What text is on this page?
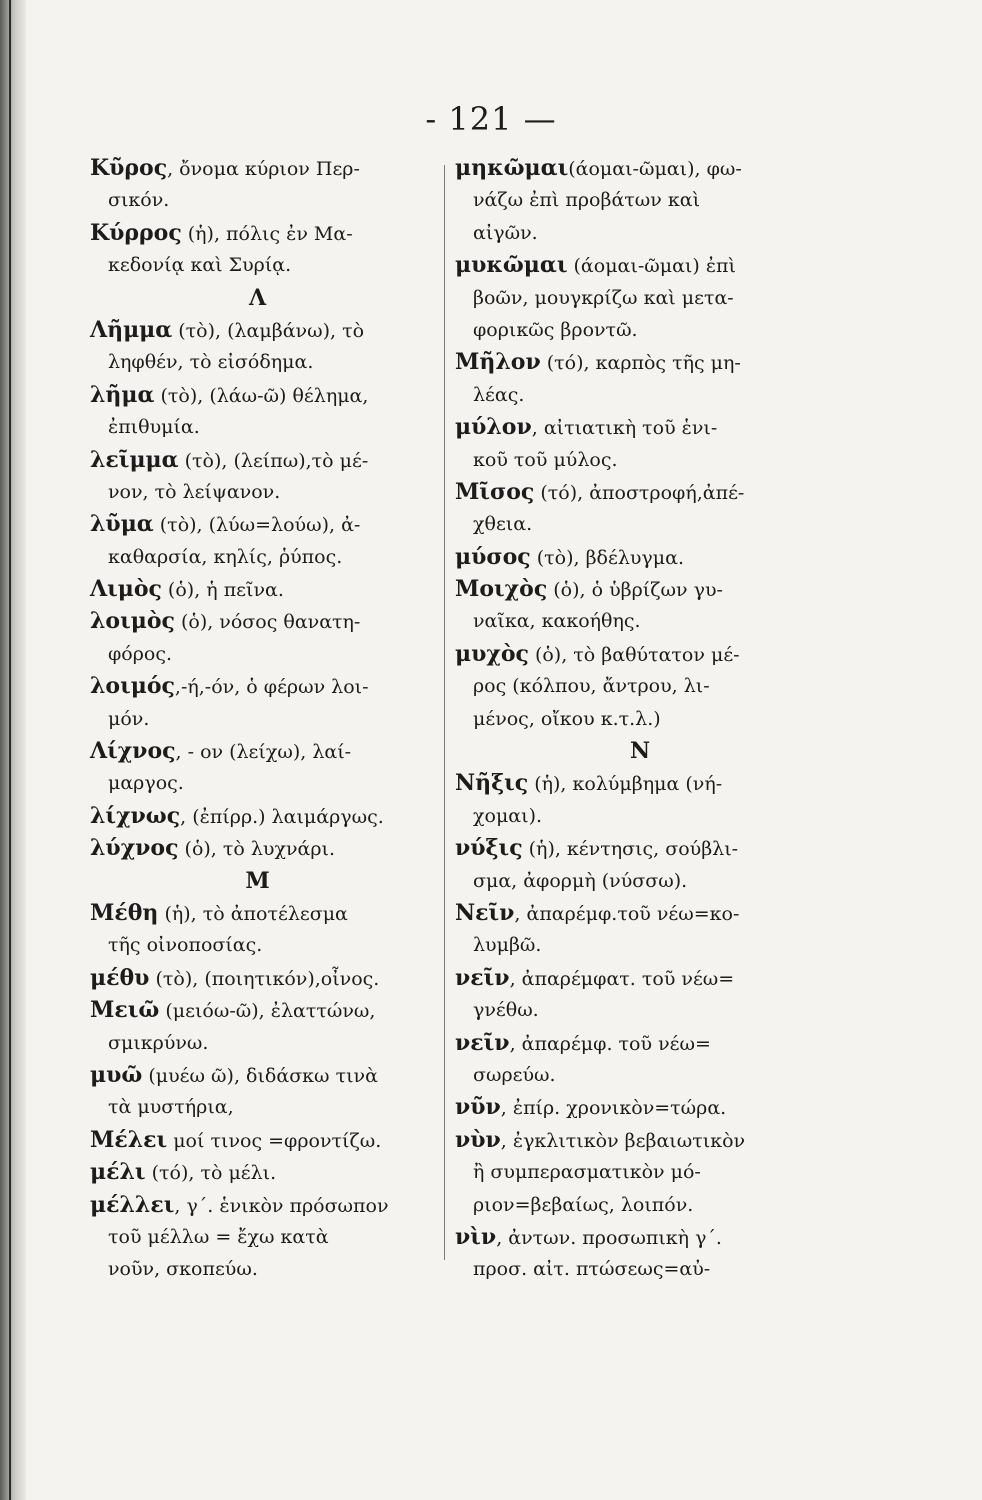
- 121 —
Κῦρος, ὄνομα κύριον Περ-
σικόν.
Κύρρος (ἡ), πόλις ἐν Μα-
κεδονίᾳ καὶ Συρίᾳ.
Λ
Λῆμμα (τὸ), (λαμβάνω), τὸ
ληφθέν, τὸ εἰσόδημα.
λῆμα (τὸ), (λάω-ῶ) θέλημα,
ἐπιθυμία.
λεῖμμα (τὸ), (λείπω),τὸ μέ-
νον, τὸ λείψανον.
λῦμα (τὸ), (λύω=λούω), ἀ-
καθαρσία, κηλίς, ῥύπος.
Λιμὸς (ὁ), ἡ πεῖνα.
λοιμὸς (ὁ), νόσος θανατη-
φόρος.
λοιμός,-ή,-όν, ὁ φέρων λοι-
μόν.
Λίχνος, - ον (λείχω), λαί-
μαργος.
λίχνως, (ἐπίρρ.) λαιμάργως.
λύχνος (ὁ), τὸ λυχνάρι.
Μ
Μέθη (ἡ), τὸ ἀποτέλεσμα
τῆς οἰνοποσίας.
μέθυ (τὸ), (ποιητικόν),οἶνος.
Μειῶ (μειόω-ῶ), ἐλαττώνω,
σμικρύνω.
μυῶ (μυέω ῶ), διδάσκω τινὰ
τὰ μυστήρια,
Μέλει μοί τινος =φροντίζω.
μέλι (τό), τὸ μέλι.
μέλλει, γ΄. ἑνικὸν πρόσωπον
τοῦ μέλλω = ἔχω κατὰ
νοῦν, σκοπεύω.
μηκῶμαι(άομαι-ῶμαι), φω-
νάζω ἐπὶ προβάτων καὶ
αἰγῶν.
μυκῶμαι (άομαι-ῶμαι) ἐπὶ
βοῶν, μουγκρίζω καὶ μετα-
φορικῶς βροντῶ.
Μῆλον (τό), καρπὸς τῆς μη-
λέας.
μύλον, αἰτιατικὴ τοῦ ἑνι-
κοῦ τοῦ μύλος.
Μῖσος (τό), ἀποστροφή,ἀπέ-
χθεια.
μύσος (τὸ), βδέλυγμα.
Μοιχὸς (ὁ), ὁ ὑβρίζων γυ-
ναῖκα, κακοήθης.
μυχὸς (ὁ), τὸ βαθύτατον μέ-
ρος (κόλπου, ἄντρου, λι-
μένος, οἴκου κ.τ.λ.)
Ν
Νῆξις (ἡ), κολύμβημα (νή-
χομαι).
νύξις (ἡ), κέντησις, σούβλι-
σμα, ἀφορμὴ (νύσσω).
Νεῖν, ἀπαρέμφ.τοῦ νέω=κο-
λυμβῶ.
νεῖν, ἀπαρέμφατ. τοῦ νέω=
γνέθω.
νεῖν, ἀπαρέμφ. τοῦ νέω=
σωρεύω.
νῦν, ἐπίρ. χρονικὸν=τώρα.
νὺν, ἐγκλιτικὸν βεβαιωτικὸν
ἢ συμπερασματικὸν μό-
ριον=βεβαίως, λοιπόν.
νὶν, ἀντων. προσωπικὴ γ΄.
προσ. αἰτ. πτώσεως=αὐ-
